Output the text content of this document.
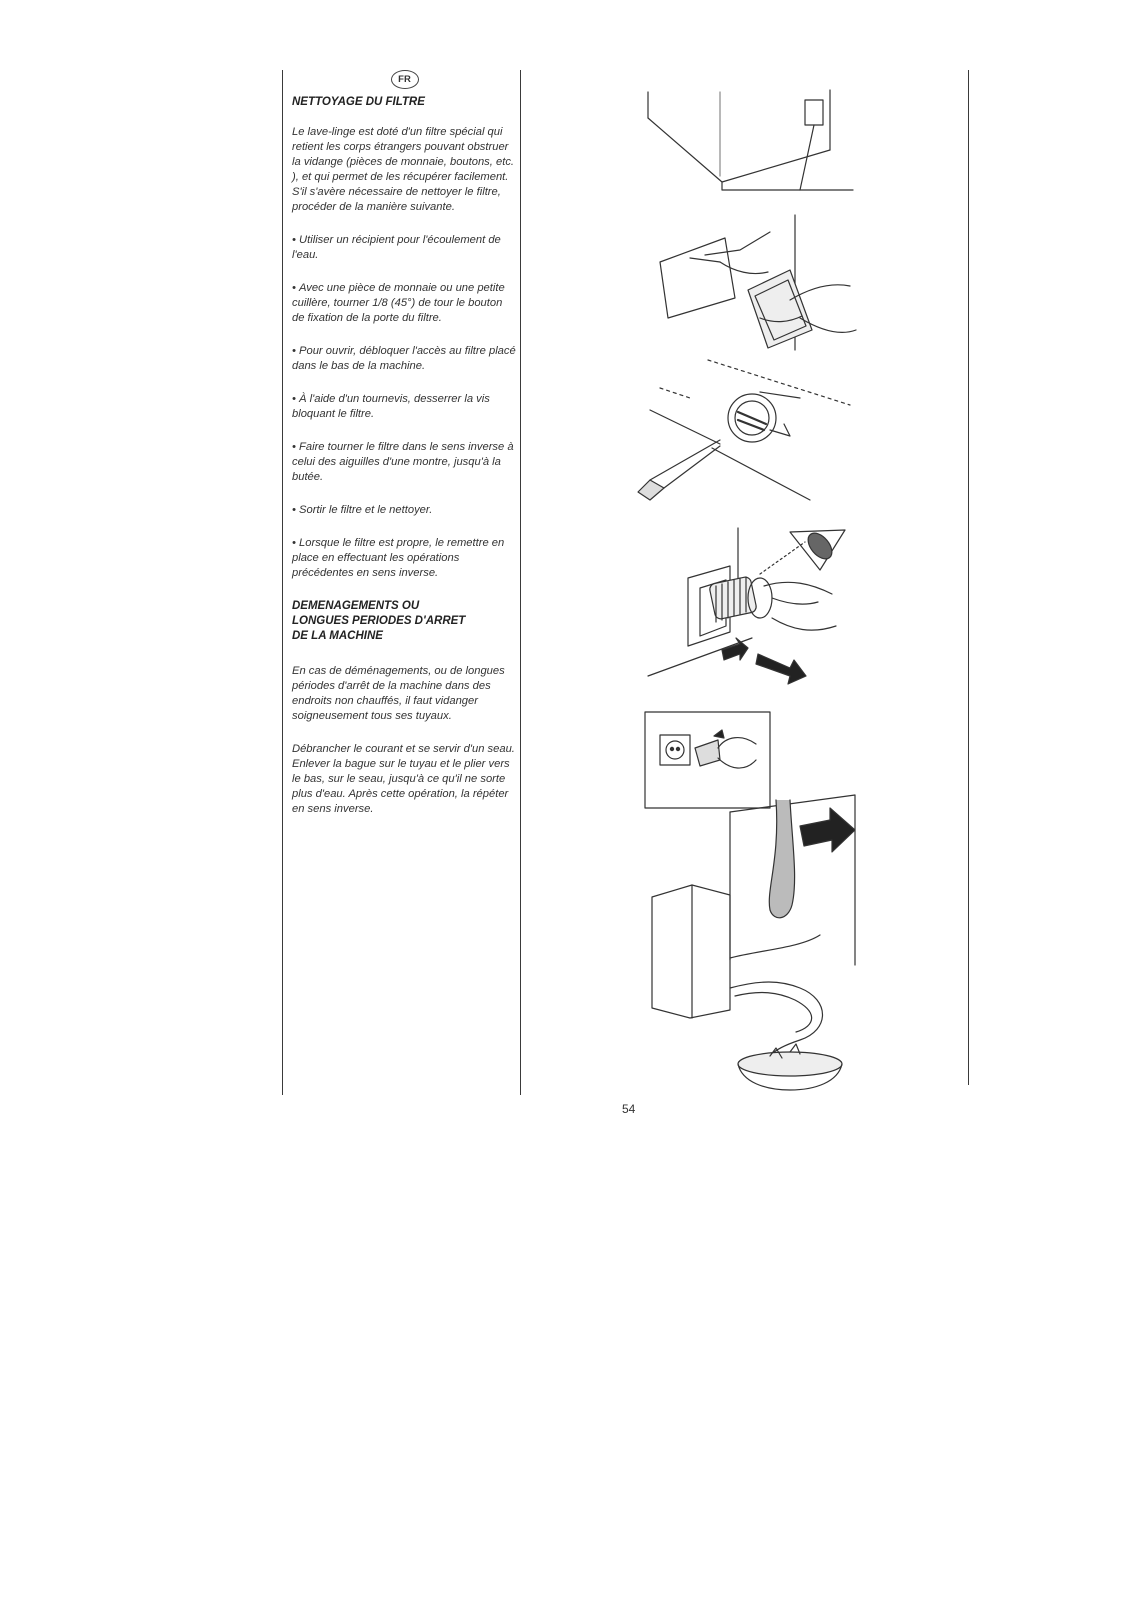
FR
NETTOYAGE DU FILTRE

Le lave-linge est doté d'un filtre spécial qui retient les corps étrangers pouvant obstruer la vidange (pièces de monnaie, boutons, etc. ), et qui permet de les récupérer facilement. S'il s'avère nécessaire de nettoyer le filtre, procéder de la manière suivante.

• Utiliser un récipient pour l'écoulement de l'eau.

• Avec une pièce de monnaie ou une petite cuillère, tourner 1/8 (45°) de tour le bouton de fixation de la porte du filtre.

• Pour ouvrir, débloquer l'accès au filtre placé dans le bas de la machine.

• À l'aide d'un tournevis, desserrer la vis bloquant le filtre.

• Faire tourner le filtre dans le sens inverse à celui des aiguilles d'une montre, jusqu'à la butée.

• Sortir le filtre et le nettoyer.

• Lorsque le filtre est propre, le remettre en place en effectuant les opérations précédentes en sens inverse.

DEMENAGEMENTS OU
LONGUES PERIODES D'ARRET
DE LA MACHINE

En cas de déménagements, ou de longues périodes d'arrêt de la machine dans des endroits non chauffés, il faut vidanger soigneusement tous ses tuyaux.

Débrancher le courant et se servir d'un seau. Enlever la bague sur le tuyau et le plier vers le bas, sur le seau, jusqu'à ce qu'il ne sorte plus d'eau. Après cette opération, la répéter en sens inverse.

54
